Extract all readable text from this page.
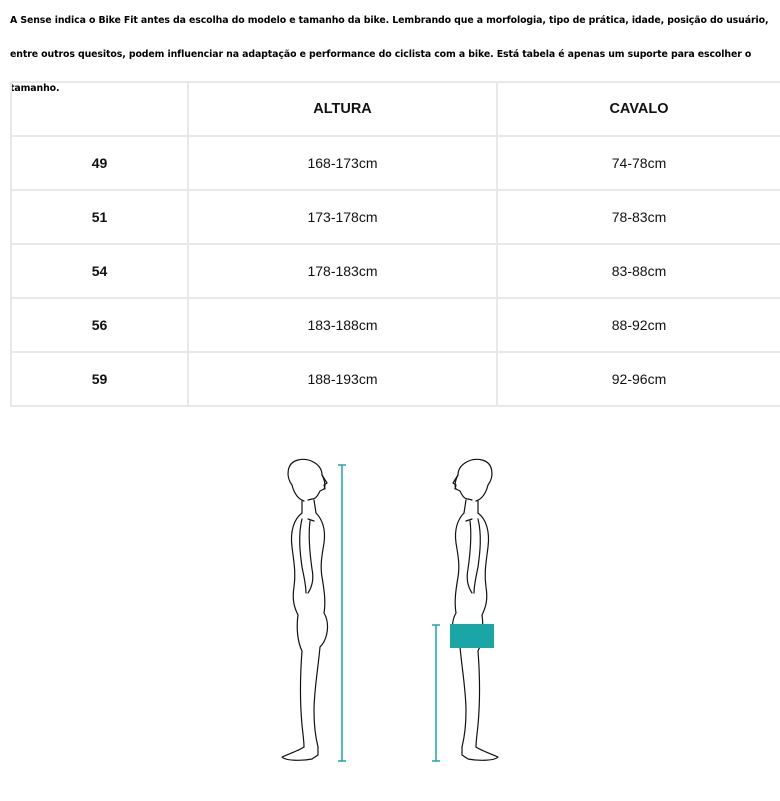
A Sense indica o Bike Fit antes da escolha do modelo e tamanho da bike. Lembrando que a morfologia, tipo de prática, idade, posição do usuário, entre outros quesitos, podem influenciar na adaptação e performance do ciclista com a bike. Está tabela é apenas um suporte para escolher o tamanho.

	ALTURA	CAVALO
49	168-173cm	74-78cm
51	173-178cm	78-83cm
54	178-183cm	83-88cm
56	183-188cm	88-92cm
59	188-193cm	92-96cm
